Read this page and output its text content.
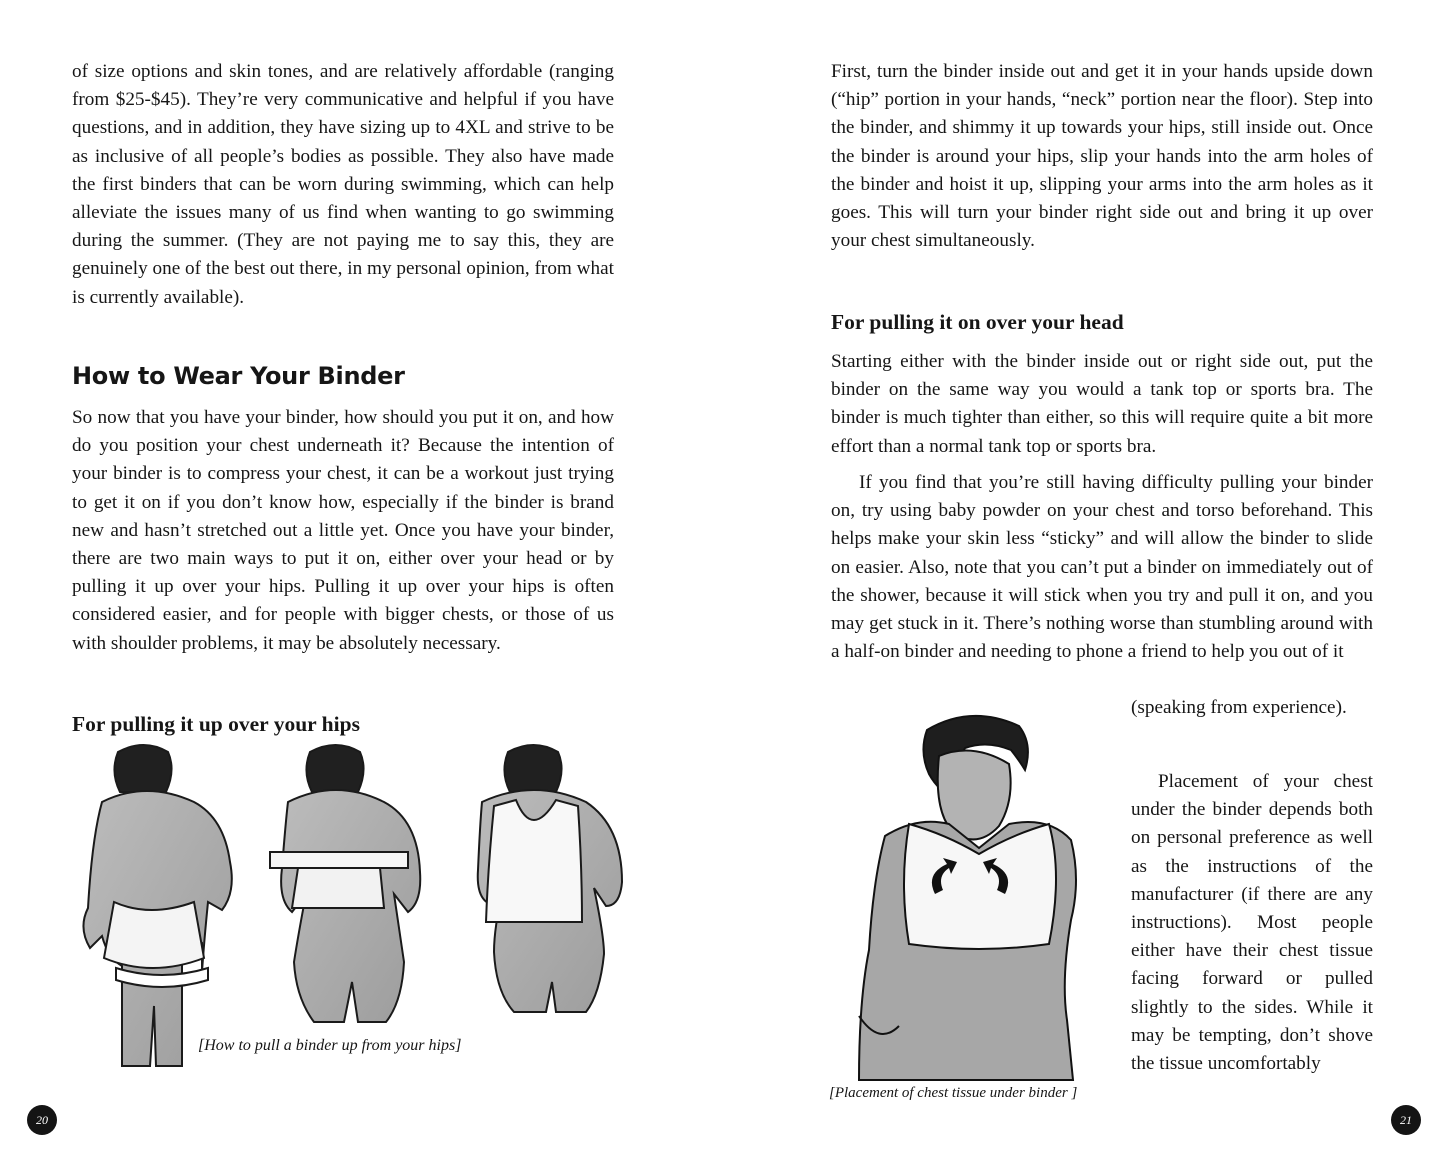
of size options and skin tones, and are relatively affordable (ranging from $25-$45). They’re very communicative and helpful if you have questions, and in addition, they have sizing up to 4XL and strive to be as inclusive of all people’s bodies as possible. They also have made the first binders that can be worn during swimming, which can help alleviate the issues many of us find when wanting to go swimming during the summer. (They are not paying me to say this, they are genuinely one of the best out there, in my personal opinion, from what is currently available).

How to Wear Your Binder

So now that you have your binder, how should you put it on, and how do you position your chest underneath it? Because the intention of your binder is to compress your chest, it can be a workout just trying to get it on if you don’t know how, especially if the binder is brand new and hasn’t stretched out a little yet. Once you have your binder, there are two main ways to put it on, either over your head or by pulling it up over your hips. Pulling it up over your hips is often considered easier, and for people with bigger chests, or those of us with shoulder problems, it may be absolutely necessary.

For pulling it up over your hips

[How to pull a binder up from your hips]

20

First, turn the binder inside out and get it in your hands upside down (“hip” portion in your hands, “neck” portion near the floor). Step into the binder, and shimmy it up towards your hips, still inside out. Once the binder is around your hips, slip your hands into the arm holes of the binder and hoist it up, slipping your arms into the arm holes as it goes. This will turn your binder right side out and bring it up over your chest simultaneously.

For pulling it on over your head

Starting either with the binder inside out or right side out, put the binder on the same way you would a tank top or sports bra. The binder is much tighter than either, so this will require quite a bit more effort than a normal tank top or sports bra.

If you find that you’re still having difficulty pulling your binder on, try using baby powder on your chest and torso beforehand. This helps make your skin less “sticky” and will allow the binder to slide on easier. Also, note that you can’t put a binder on immediately out of the shower, because it will stick when you try and pull it on, and you may get stuck in it. There’s nothing worse than stumbling around with a half-on binder and needing to phone a friend to help you out of it

(speaking from experience).

[Placement of chest tissue under binder ]

Placement of your chest under the binder depends both on personal preference as well as the instructions of the manufacturer (if there are any instructions). Most people either have their chest tissue facing forward or pulled slightly to the sides. While it may be tempting, don’t shove the tissue uncomfortably

21
